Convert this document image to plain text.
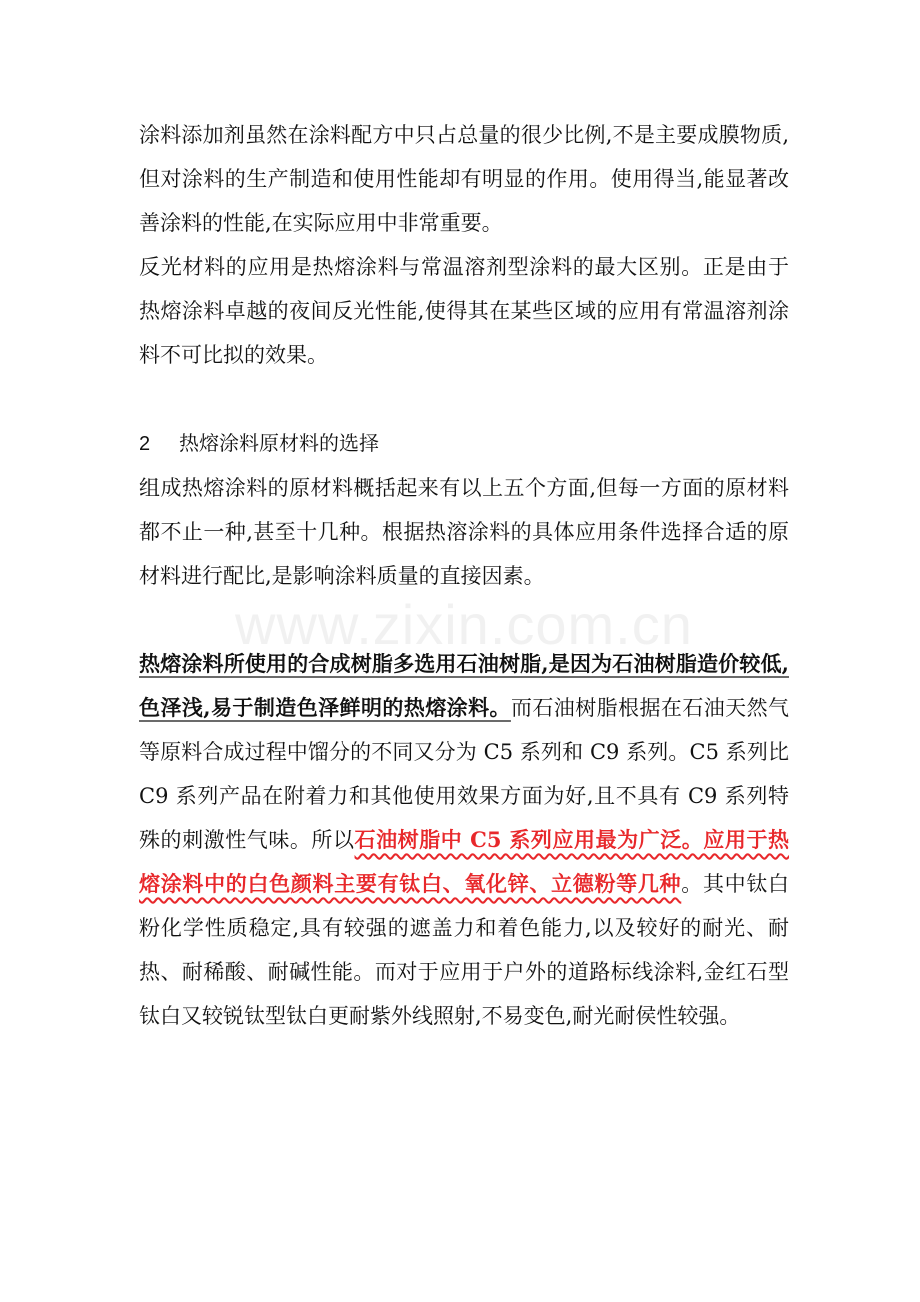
涂料添加剂虽然在涂料配方中只占总量的很少比例,不是主要成膜物质,但对涂料的生产制造和使用性能却有明显的作用。使用得当,能显著改善涂料的性能,在实际应用中非常重要。

反光材料的应用是热熔涂料与常温溶剂型涂料的最大区别。正是由于热熔涂料卓越的夜间反光性能,使得其在某些区域的应用有常温溶剂涂料不可比拟的效果。

2 热熔涂料原材料的选择

组成热熔涂料的原材料概括起来有以上五个方面,但每一方面的原材料都不止一种,甚至十几种。根据热溶涂料的具体应用条件选择合适的原材料进行配比,是影响涂料质量的直接因素。

热熔涂料所使用的合成树脂多选用石油树脂,是因为石油树脂造价较低,色泽浅,易于制造色泽鲜明的热熔涂料。而石油树脂根据在石油天然气等原料合成过程中馏分的不同又分为 C5 系列和 C9 系列。C5 系列比 C9 系列产品在附着力和其他使用效果方面为好,且不具有 C9 系列特殊的刺激性气味。所以石油树脂中 C5 系列应用最为广泛。应用于热熔涂料中的白色颜料主要有钛白、氧化锌、立德粉等几种。其中钛白粉化学性质稳定,具有较强的遮盖力和着色能力,以及较好的耐光、耐热、耐稀酸、耐碱性能。而对于应用于户外的道路标线涂料,金红石型钛白又较锐钛型钛白更耐紫外线照射,不易变色,耐光耐侯性较强。

www.zixin.com.cn
